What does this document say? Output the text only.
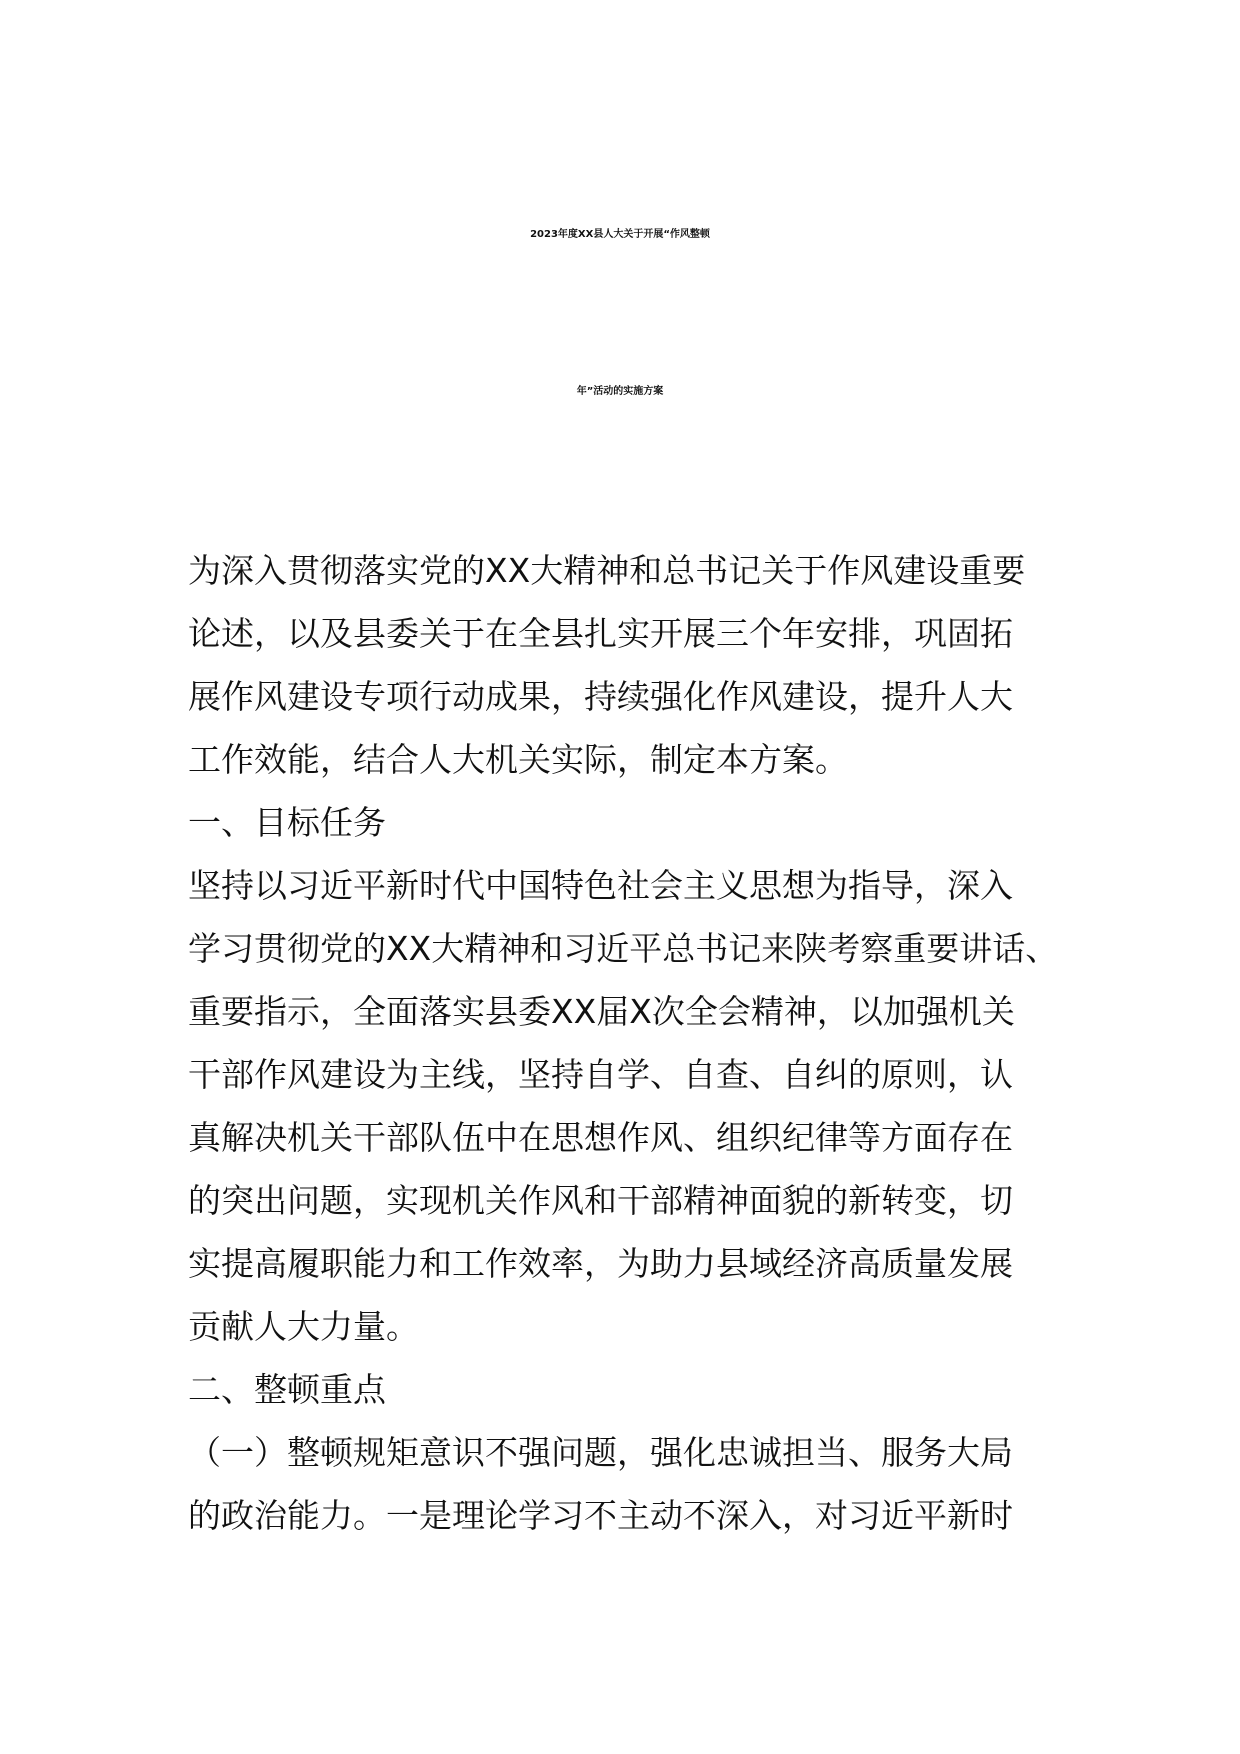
2023年度XX县人大关于开展“作风整顿
年”活动的实施方案
为深入贯彻落实党的XX大精神和总书记关于作风建设重要
论述，以及县委关于在全县扎实开展三个年安排，巩固拓
展作风建设专项行动成果，持续强化作风建设，提升人大
工作效能，结合人大机关实际，制定本方案。
一、目标任务
坚持以习近平新时代中国特色社会主义思想为指导，深入
学习贯彻党的XX大精神和习近平总书记来陕考察重要讲话、
重要指示，全面落实县委XX届X次全会精神，以加强机关
干部作风建设为主线，坚持自学、自查、自纠的原则，认
真解决机关干部队伍中在思想作风、组织纪律等方面存在
的突出问题，实现机关作风和干部精神面貌的新转变，切
实提高履职能力和工作效率，为助力县域经济高质量发展
贡献人大力量。
二、整顿重点
（一）整顿规矩意识不强问题，强化忠诚担当、服务大局
的政治能力。一是理论学习不主动不深入，对习近平新时
